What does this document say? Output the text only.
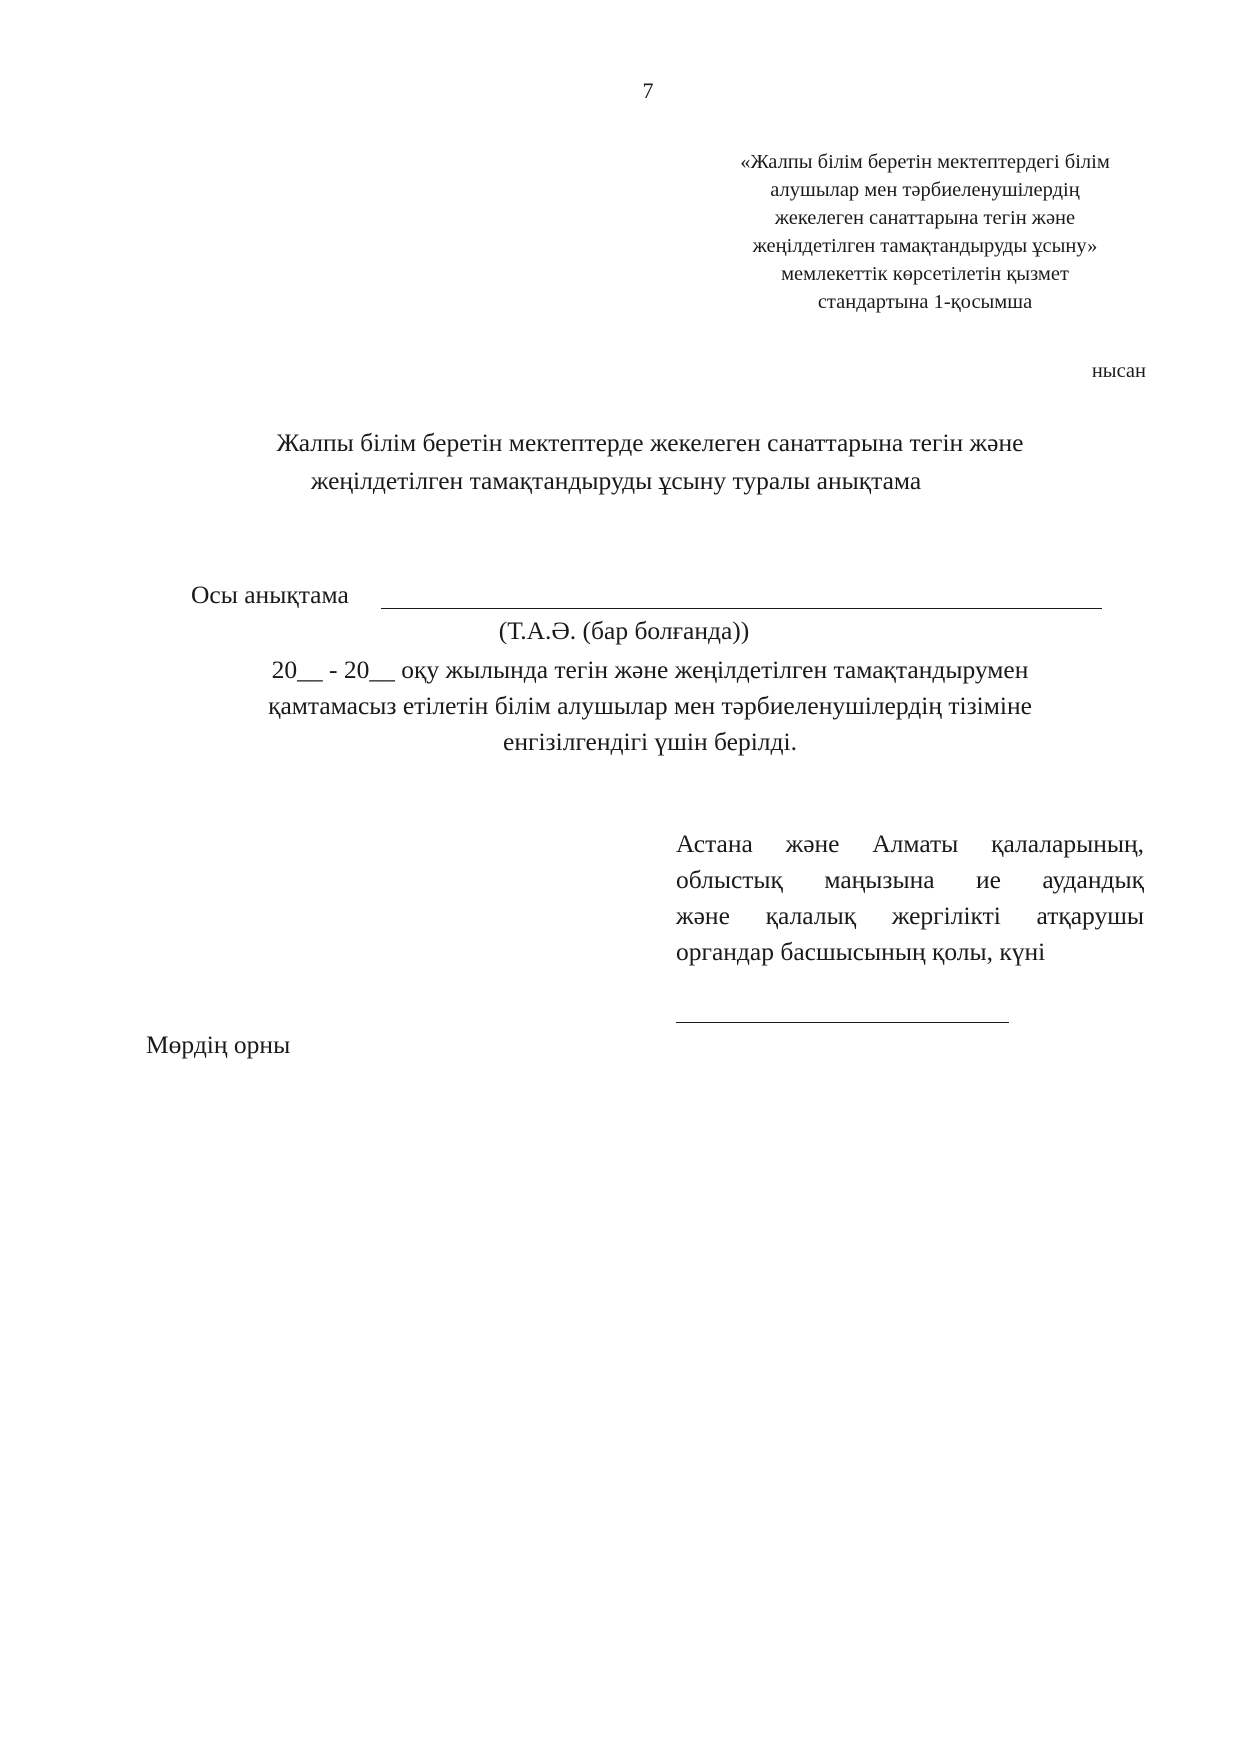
7
«Жалпы білім беретін мектептердегі білім
алушылар мен тәрбиеленушілердің
жекелеген санаттарына тегін және
жеңілдетілген тамақтандыруды ұсыну»
мемлекеттік көрсетілетін қызмет
стандартына 1-қосымша
нысан
Жалпы білім беретін мектептерде жекелеген санаттарына тегін және
жеңілдетілген тамақтандыруды ұсыну туралы анықтама
Осы анықтама
(Т.А.Ә. (бар болғанда))
20__ - 20__ оқу жылында тегін және жеңілдетілген тамақтандырумен
қамтамасыз етілетін білім алушылар мен тәрбиеленушілердің тізіміне
енгізілгендігі үшін берілді.
Астана және Алматы қалаларының,
облыстық маңызына ие аудандық
және қалалық жергілікті атқарушы
органдар басшысының қолы, күні
Мөрдің орны
